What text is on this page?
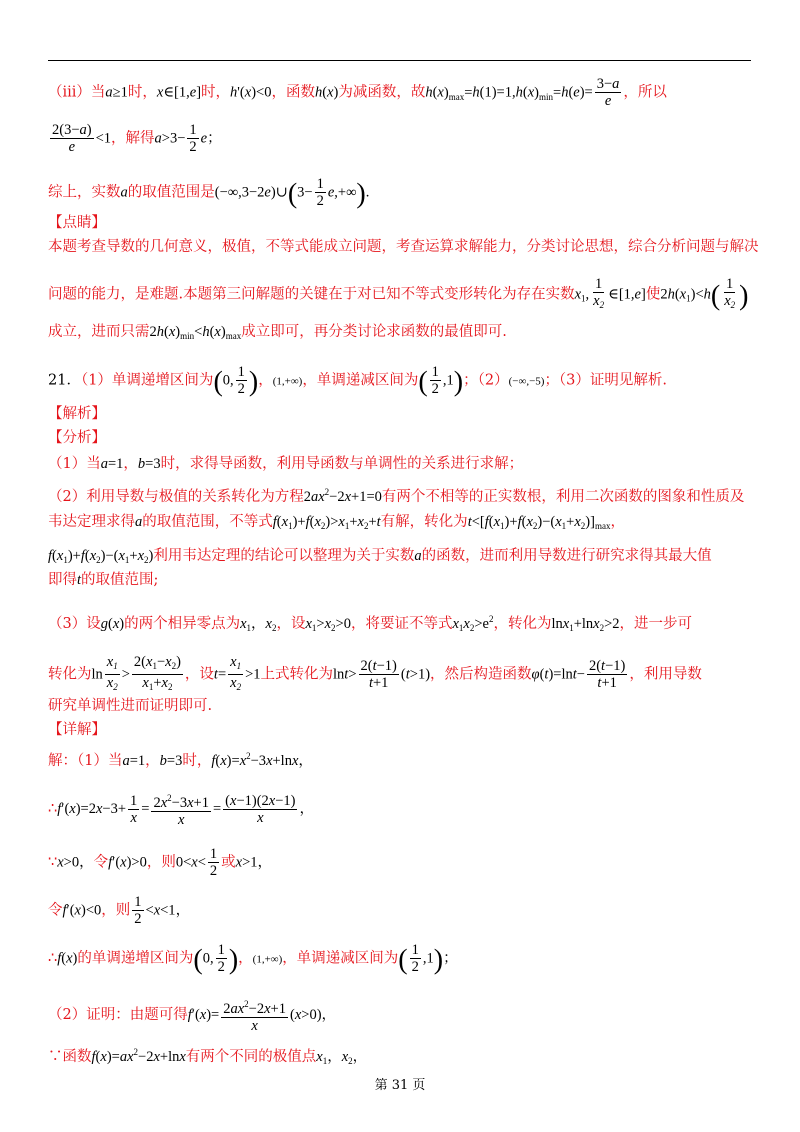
（iii）当a≥1时，x∈[1,e]时，h'(x)<0，函数h(x)为减函数，故$h(x)_{max}=h(1)=1,h(x)_{min}=h(e)= \frac{3-a}{e}$ ，所以
$\frac{2(3-a)}{e} <1$，解得$a>3- \frac{1}{2}$ e；
综上，实数a的取值范围是(−∞,3−2e)∪(3− $\frac{1}{2} e,+\infty$).
【点睛】
本题考查导数的几何意义，极值，不等式能成立问题，考查运算求解能力，分类讨论思想，综合分析问题与解决
问题的能力，是难题.本题第三问解题的关键在于对已知不等式变形转化为存在实数$x_1$, $\frac{1}{x_2}$ ∈[1,e]使$2h(x_1)<h( \frac{1}{x_2}$ )
成立，进而只需$2h(x)_{min}<h(x)_{max}$成立即可，再分类讨论求函数的最值即可.
21．（1）单调递增区间为(0, $\frac{1}{2}$ )，(1,+∞)，单调递减区间为( $\frac{1}{2} ,1$)；（2）(−∞,−5)；（3）证明见解析.
【解析】
【分析】
（1）当a=1，b=3时，求得导函数，利用导函数与单调性的关系进行求解；
（2）利用导数与极值的关系转化为方程$2ax^2-2x+1=0$有两个不相等的正实数根，利用二次函数的图象和性质及
韦达定理求得a的取值范围，不等式$f(x_1)+f(x_2)>x_1+x_2+t$有解，转化为$t<[f(x_1)+f(x_2)-(x_1+x_2)]_{max}$，
$f(x_1)+f(x_2)-(x_1+x_2)$利用韦达定理的结论可以整理为关于实数a的函数，进而利用导数进行研究求得其最大值
即得t的取值范围;
（3）设g(x)的两个相异零点为$x_1$，$x_2$，设$x_1>x_2>0$，将要证不等式$x_1x_2>e^2$，转化为lnx$_1$+lnx$_2$>2，进一步可
转化为$\ln \frac{x_1}{x_2} > \frac{2(x_1-x_2)}{x_1+x_2}$ ，设$t= \frac{x_1}{x_2} >1$上式转化为$\ln t> \frac{2(t-1)}{t+1} (t>1)$，然后构造函数$\varphi(t)=\ln t- \frac{2(t-1)}{t+1}$ ，利用导数
研究单调性进而证明即可.
【详解】
解：（1）当a=1，b=3时，$f(x)=x^2-3x+\ln x$，
∴f′(x)=2x−3+ $\frac{1}{x} = \frac{2x^2-3x+1}{x} = \frac{(x-1)(2x-1)}{x}$ ，
∵x>0，令f′(x)>0，则$0<x< \frac{1}{2}$ 或x>1，
令f′(x)<0，则 $\frac{1}{2} <x<1$，
∴f(x)的单调递增区间为(0, $\frac{1}{2}$ )，(1,+∞)，单调递减区间为( $\frac{1}{2} ,1$)；
（2）证明：由题可得$f'(x)= \frac{2ax^2-2x+1}{x} (x>0)$，
∵函数$f(x)=ax^2-2x+\ln x$有两个不同的极值点$x_1$，$x_2$，
第 31 页
